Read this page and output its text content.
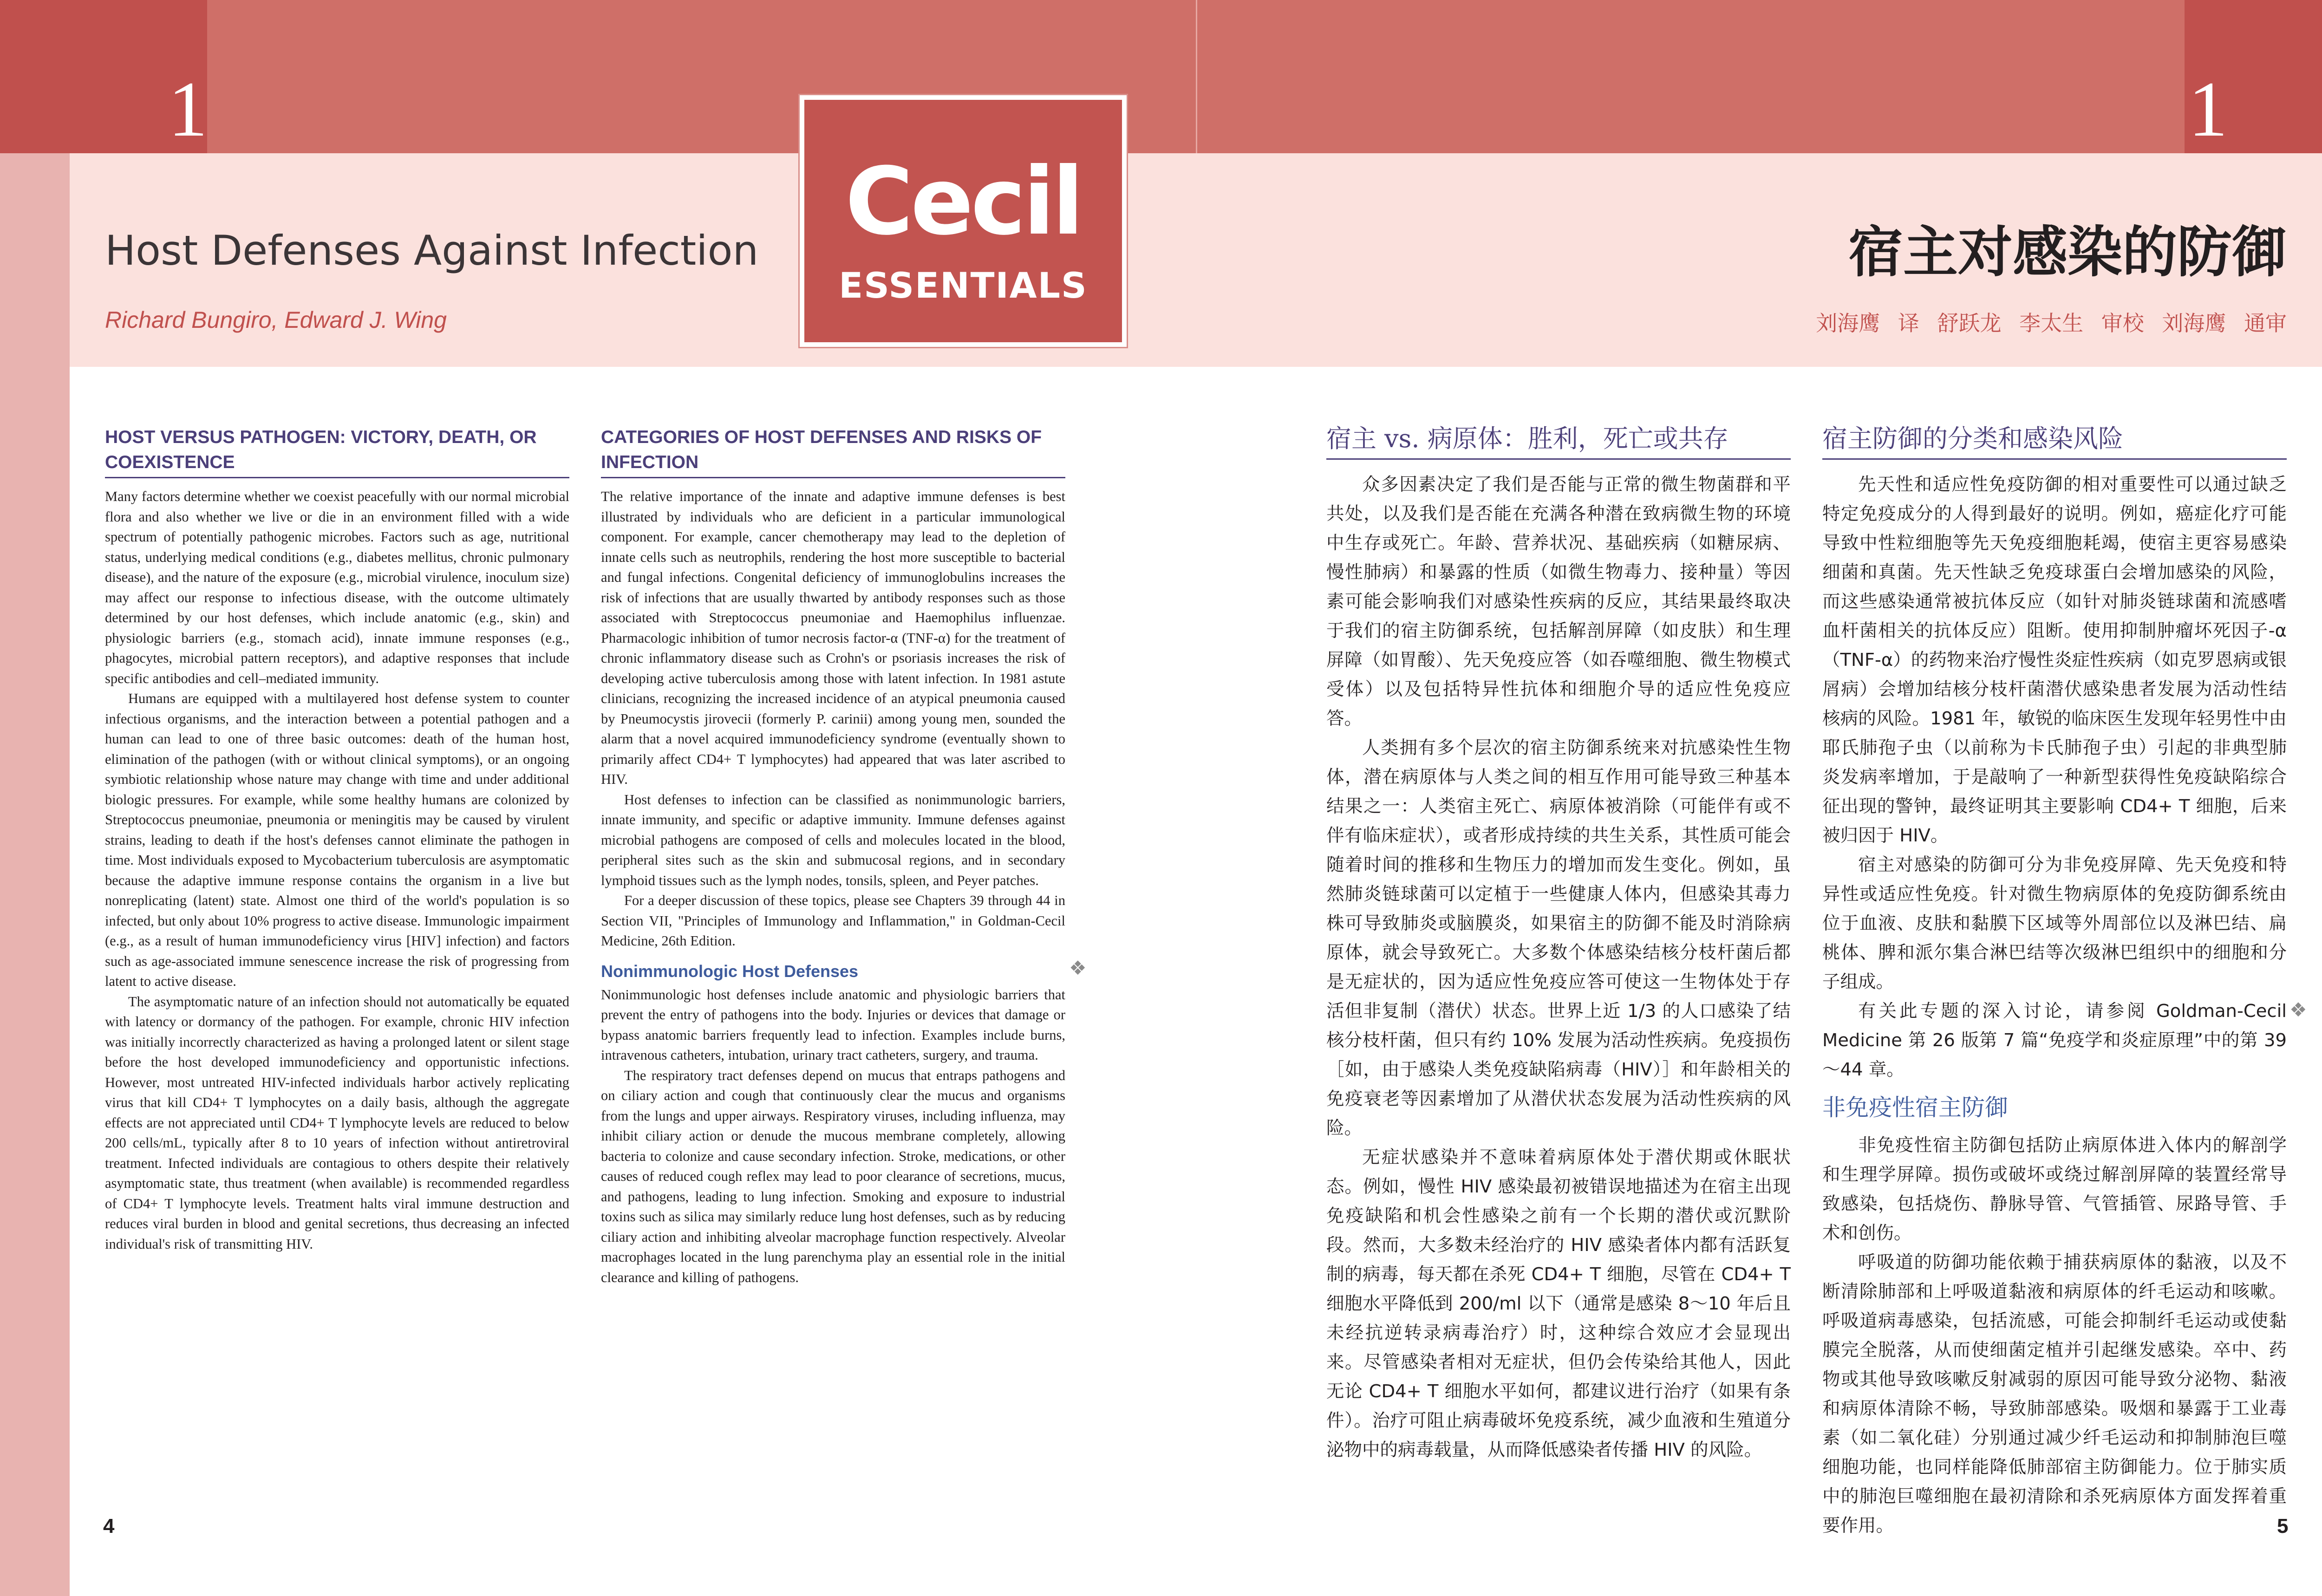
1	1
Cecil
ESSENTIALS
Host Defenses Against Infection
Richard Bungiro, Edward J. Wing
宿主对感染的防御
刘海鹰 译 舒跃龙 李太生 审校 刘海鹰 通审
HOST VERSUS PATHOGEN: VICTORY, DEATH, OR COEXISTENCE

Many factors determine whether we coexist peacefully with our normal microbial flora and also whether we live or die in an environment filled with a wide spectrum of potentially pathogenic microbes. Factors such as age, nutritional status, underlying medical conditions (e.g., diabetes mellitus, chronic pulmonary disease), and the nature of the exposure (e.g., microbial virulence, inoculum size) may affect our response to infectious disease, with the outcome ultimately determined by our host defenses, which include anatomic (e.g., skin) and physiologic barriers (e.g., stomach acid), innate immune responses (e.g., phagocytes, microbial pattern receptors), and adaptive responses that include specific antibodies and cell–mediated immunity.

Humans are equipped with a multilayered host defense system to counter infectious organisms, and the interaction between a potential pathogen and a human can lead to one of three basic outcomes: death of the human host, elimination of the pathogen (with or without clinical symptoms), or an ongoing symbiotic relationship whose nature may change with time and under additional biologic pressures. For example, while some healthy humans are colonized by Streptococcus pneumoniae, pneumonia or meningitis may be caused by virulent strains, leading to death if the host's defenses cannot eliminate the pathogen in time. Most individuals exposed to Mycobacterium tuberculosis are asymptomatic because the adaptive immune response contains the organism in a live but nonreplicating (latent) state. Almost one third of the world's population is so infected, but only about 10% progress to active disease. Immunologic impairment (e.g., as a result of human immunodeficiency virus [HIV] infection) and factors such as age-associated immune senescence increase the risk of progressing from latent to active disease.

The asymptomatic nature of an infection should not automatically be equated with latency or dormancy of the pathogen. For example, chronic HIV infection was initially incorrectly characterized as having a prolonged latent or silent stage before the host developed immunodeficiency and opportunistic infections. However, most untreated HIV-infected individuals harbor actively replicating virus that kill CD4+ T lymphocytes on a daily basis, although the aggregate effects are not appreciated until CD4+ T lymphocyte levels are reduced to below 200 cells/mL, typically after 8 to 10 years of infection without antiretroviral treatment. Infected individuals are contagious to others despite their relatively asymptomatic state, thus treatment (when available) is recommended regardless of CD4+ T lymphocyte levels. Treatment halts viral immune destruction and reduces viral burden in blood and genital secretions, thus decreasing an infected individual's risk of transmitting HIV.

CATEGORIES OF HOST DEFENSES AND RISKS OF INFECTION

The relative importance of the innate and adaptive immune defenses is best illustrated by individuals who are deficient in a particular immunological component. For example, cancer chemotherapy may lead to the depletion of innate cells such as neutrophils, rendering the host more susceptible to bacterial and fungal infections. Congenital deficiency of immunoglobulins increases the risk of infections that are usually thwarted by antibody responses such as those associated with Streptococcus pneumoniae and Haemophilus influenzae. Pharmacologic inhibition of tumor necrosis factor-α (TNF-α) for the treatment of chronic inflammatory disease such as Crohn's or psoriasis increases the risk of developing active tuberculosis among those with latent infection. In 1981 astute clinicians, recognizing the increased incidence of an atypical pneumonia caused by Pneumocystis jirovecii (formerly P. carinii) among young men, sounded the alarm that a novel acquired immunodeficiency syndrome (eventually shown to primarily affect CD4+ T lymphocytes) had appeared that was later ascribed to HIV.

Host defenses to infection can be classified as nonimmunologic barriers, innate immunity, and specific or adaptive immunity. Immune defenses against microbial pathogens are composed of cells and molecules located in the blood, peripheral sites such as the skin and submucosal regions, and in secondary lymphoid tissues such as the lymph nodes, tonsils, spleen, and Peyer patches.

For a deeper discussion of these topics, please see Chapters 39 through 44 in Section VII, "Principles of Immunology and Inflammation," in Goldman-Cecil Medicine, 26th Edition.

Nonimmunologic Host Defenses

Nonimmunologic host defenses include anatomic and physiologic barriers that prevent the entry of pathogens into the body. Injuries or devices that damage or bypass anatomic barriers frequently lead to infection. Examples include burns, intravenous catheters, intubation, urinary tract catheters, surgery, and trauma.

The respiratory tract defenses depend on mucus that entraps pathogens and on ciliary action and cough that continuously clear the mucus and organisms from the lungs and upper airways. Respiratory viruses, including influenza, may inhibit ciliary action or denude the mucous membrane completely, allowing bacteria to colonize and cause secondary infection. Stroke, medications, or other causes of reduced cough reflex may lead to poor clearance of secretions, mucus, and pathogens, leading to lung infection. Smoking and exposure to industrial toxins such as silica may similarly reduce lung host defenses, such as by reducing ciliary action and inhibiting alveolar macrophage function respectively. Alveolar macrophages located in the lung parenchyma play an essential role in the initial clearance and killing of pathogens.

❖
宿主 vs. 病原体：胜利，死亡或共存

众多因素决定了我们是否能与正常的微生物菌群和平共处，以及我们是否能在充满各种潜在致病微生物的环境中生存或死亡。年龄、营养状况、基础疾病（如糖尿病、慢性肺病）和暴露的性质（如微生物毒力、接种量）等因素可能会影响我们对感染性疾病的反应，其结果最终取决于我们的宿主防御系统，包括解剖屏障（如皮肤）和生理屏障（如胃酸）、先天免疫应答（如吞噬细胞、微生物模式受体）以及包括特异性抗体和细胞介导的适应性免疫应答。

人类拥有多个层次的宿主防御系统来对抗感染性生物体，潜在病原体与人类之间的相互作用可能导致三种基本结果之一：人类宿主死亡、病原体被消除（可能伴有或不伴有临床症状），或者形成持续的共生关系，其性质可能会随着时间的推移和生物压力的增加而发生变化。例如，虽然肺炎链球菌可以定植于一些健康人体内，但感染其毒力株可导致肺炎或脑膜炎，如果宿主的防御不能及时消除病原体，就会导致死亡。大多数个体感染结核分枝杆菌后都是无症状的，因为适应性免疫应答可使这一生物体处于存活但非复制（潜伏）状态。世界上近 1/3 的人口感染了结核分枝杆菌，但只有约 10% 发展为活动性疾病。免疫损伤［如，由于感染人类免疫缺陷病毒（HIV）］和年龄相关的免疫衰老等因素增加了从潜伏状态发展为活动性疾病的风险。

无症状感染并不意味着病原体处于潜伏期或休眠状态。例如，慢性 HIV 感染最初被错误地描述为在宿主出现免疫缺陷和机会性感染之前有一个长期的潜伏或沉默阶段。然而，大多数未经治疗的 HIV 感染者体内都有活跃复制的病毒，每天都在杀死 CD4+ T 细胞，尽管在 CD4+ T 细胞水平降低到 200/ml 以下（通常是感染 8～10 年后且未经抗逆转录病毒治疗）时，这种综合效应才会显现出来。尽管感染者相对无症状，但仍会传染给其他人，因此无论 CD4+ T 细胞水平如何，都建议进行治疗（如果有条件）。治疗可阻止病毒破坏免疫系统，减少血液和生殖道分泌物中的病毒载量，从而降低感染者传播 HIV 的风险。

宿主防御的分类和感染风险

先天性和适应性免疫防御的相对重要性可以通过缺乏特定免疫成分的人得到最好的说明。例如，癌症化疗可能导致中性粒细胞等先天免疫细胞耗竭，使宿主更容易感染细菌和真菌。先天性缺乏免疫球蛋白会增加感染的风险，而这些感染通常被抗体反应（如针对肺炎链球菌和流感嗜血杆菌相关的抗体反应）阻断。使用抑制肿瘤坏死因子-α（TNF-α）的药物来治疗慢性炎症性疾病（如克罗恩病或银屑病）会增加结核分枝杆菌潜伏感染患者发展为活动性结核病的风险。1981 年，敏锐的临床医生发现年轻男性中由耶氏肺孢子虫（以前称为卡氏肺孢子虫）引起的非典型肺炎发病率增加，于是敲响了一种新型获得性免疫缺陷综合征出现的警钟，最终证明其主要影响 CD4+ T 细胞，后来被归因于 HIV。

宿主对感染的防御可分为非免疫屏障、先天免疫和特异性或适应性免疫。针对微生物病原体的免疫防御系统由位于血液、皮肤和黏膜下区域等外周部位以及淋巴结、扁桃体、脾和派尔集合淋巴结等次级淋巴组织中的细胞和分子组成。

有关此专题的深入讨论，请参阅 Goldman-Cecil Medicine 第 26 版第 7 篇“免疫学和炎症原理”中的第 39～44 章。

非免疫性宿主防御

非免疫性宿主防御包括防止病原体进入体内的解剖学和生理学屏障。损伤或破坏或绕过解剖屏障的装置经常导致感染，包括烧伤、静脉导管、气管插管、尿路导管、手术和创伤。

呼吸道的防御功能依赖于捕获病原体的黏液，以及不断清除肺部和上呼吸道黏液和病原体的纤毛运动和咳嗽。呼吸道病毒感染，包括流感，可能会抑制纤毛运动或使黏膜完全脱落，从而使细菌定植并引起继发感染。卒中、药物或其他导致咳嗽反射减弱的原因可能导致分泌物、黏液和病原体清除不畅，导致肺部感染。吸烟和暴露于工业毒素（如二氧化硅）分别通过减少纤毛运动和抑制肺泡巨噬细胞功能，也同样能降低肺部宿主防御能力。位于肺实质中的肺泡巨噬细胞在最初清除和杀死病原体方面发挥着重要作用。

❖
4	5
